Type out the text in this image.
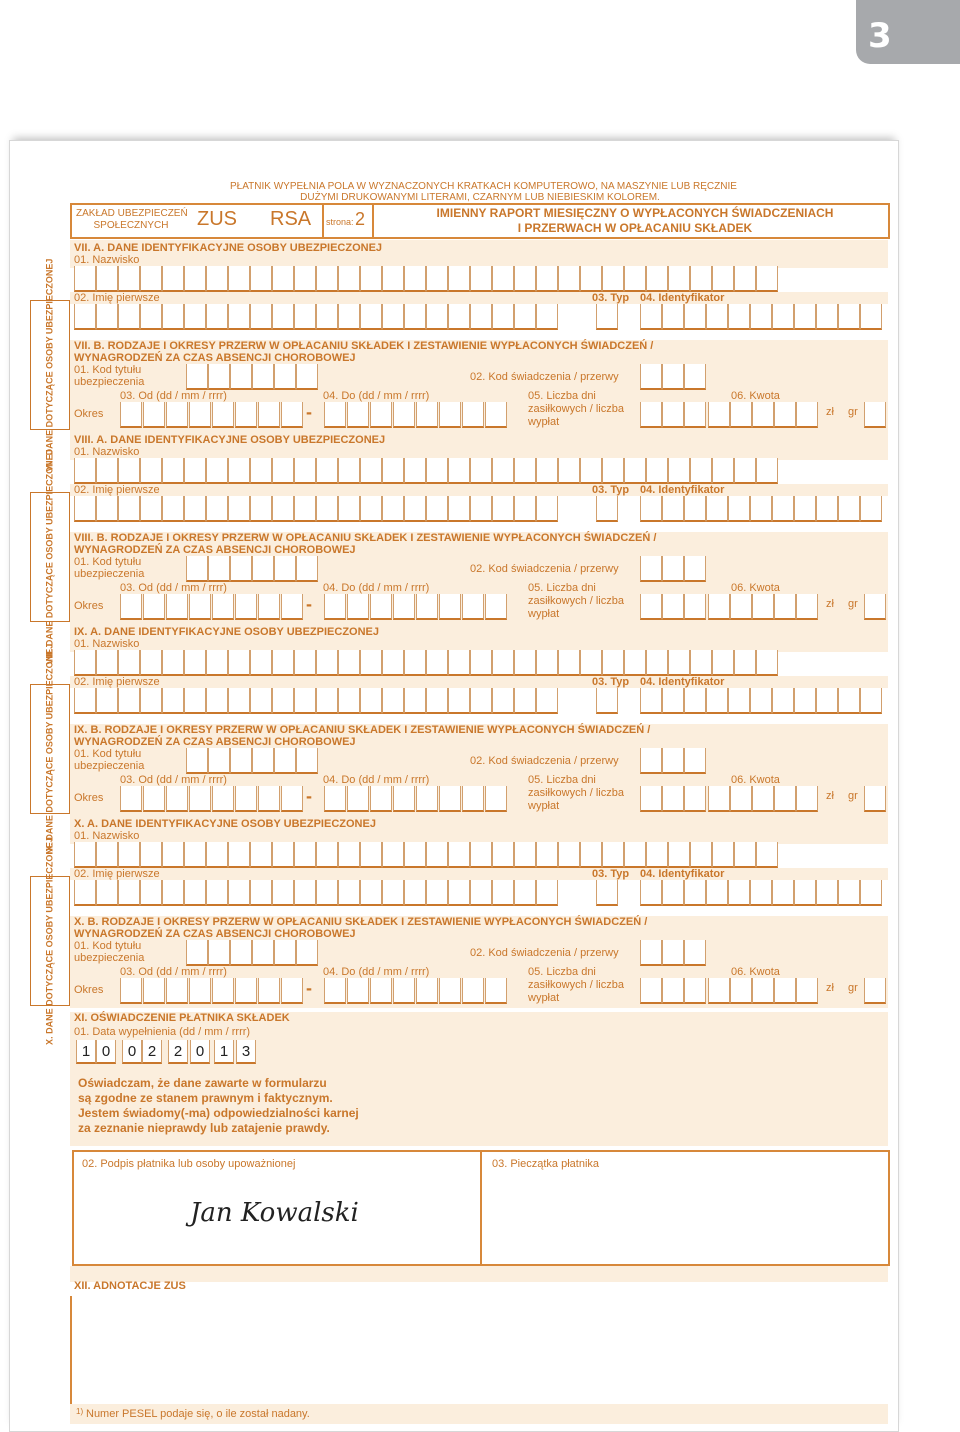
3
PŁATNIK WYPEŁNIA POLA W WYZNACZONYCH KRATKACH KOMPUTEROWO, NA MASZYNIE LUB RĘCZNIE
DUŻYMI DRUKOWANYMI LITERAMI, CZARNYM LUB NIEBIESKIM KOLOREM.
ZAKŁAD UBEZPIECZEŃ
SPOŁECZNYCH	ZUS RSA strona: 2	IMIENNY RAPORT MIESIĘCZNY O WYPŁACONYCH ŚWIADCZENIACH
I PRZERWACH W OPŁACANIU SKŁADEK
VII. DANE DOTYCZĄCE OSOBY UBEZPIECZONEJ
VII. A. DANE IDENTYFIKACYJNE OSOBY UBEZPIECZONEJ
01. Nazwisko
02. Imię pierwsze	03. Typ 04. Identyfikator
VII. B. RODZAJE I OKRESY PRZERW W OPŁACANIU SKŁADEK I ZESTAWIENIE WYPŁACONYCH ŚWIADCZEŃ /
WYNAGRODZEŃ ZA CZAS ABSENCJI CHOROBOWEJ
01. Kod tytułu
ubezpieczenia	02. Kod świadczenia / przerwy
03. Od (dd / mm / rrrr)	04. Do (dd / mm / rrrr)	05. Liczba dni
zasiłkowych / liczba
wypłat
06. Kwota
Okres	-	zł gr
VIII. DANE DOTYCZĄCE OSOBY UBEZPIECZONEJ
VIII. A. DANE IDENTYFIKACYJNE OSOBY UBEZPIECZONEJ
01. Nazwisko
02. Imię pierwsze	03. Typ 04. Identyfikator
VIII. B. RODZAJE I OKRESY PRZERW W OPŁACANIU SKŁADEK I ZESTAWIENIE WYPŁACONYCH ŚWIADCZEŃ /
WYNAGRODZEŃ ZA CZAS ABSENCJI CHOROBOWEJ
01. Kod tytułu
ubezpieczenia	02. Kod świadczenia / przerwy
03. Od (dd / mm / rrrr)	04. Do (dd / mm / rrrr)	05. Liczba dni
zasiłkowych / liczba
wypłat
06. Kwota
Okres	-	zł gr
IX. DANE DOTYCZĄCE OSOBY UBEZPIECZONEJ
IX. A. DANE IDENTYFIKACYJNE OSOBY UBEZPIECZONEJ
01. Nazwisko
02. Imię pierwsze	03. Typ 04. Identyfikator
IX. B. RODZAJE I OKRESY PRZERW W OPŁACANIU SKŁADEK I ZESTAWIENIE WYPŁACONYCH ŚWIADCZEŃ /
WYNAGRODZEŃ ZA CZAS ABSENCJI CHOROBOWEJ
01. Kod tytułu
ubezpieczenia	02. Kod świadczenia / przerwy
03. Od (dd / mm / rrrr)	04. Do (dd / mm / rrrr)	05. Liczba dni
zasiłkowych / liczba
wypłat
06. Kwota
Okres	-	zł gr
X. DANE DOTYCZĄCE OSOBY UBEZPIECZONEJ
X. A. DANE IDENTYFIKACYJNE OSOBY UBEZPIECZONEJ
01. Nazwisko
02. Imię pierwsze	03. Typ 04. Identyfikator
X. B. RODZAJE I OKRESY PRZERW W OPŁACANIU SKŁADEK I ZESTAWIENIE WYPŁACONYCH ŚWIADCZEŃ /
WYNAGRODZEŃ ZA CZAS ABSENCJI CHOROBOWEJ
01. Kod tytułu
ubezpieczenia	02. Kod świadczenia / przerwy
03. Od (dd / mm / rrrr)	04. Do (dd / mm / rrrr)	05. Liczba dni
zasiłkowych / liczba
wypłat
06. Kwota
Okres	-	zł gr
XI. OŚWIADCZENIE PŁATNIKA SKŁADEK
01. Data wypełnienia (dd / mm / rrrr)
1 0	0 2	2 0	1 3
Oświadczam, że dane zawarte w formularzu
są zgodne ze stanem prawnym i faktycznym.
Jestem świadomy(-ma) odpowiedzialności karnej
za zeznanie nieprawdy lub zatajenie prawdy.
02. Podpis płatnika lub osoby upoważnionej	03. Pieczątka płatnika
Jan Kowalski
XII. ADNOTACJE ZUS
1) Numer PESEL podaje się, o ile został nadany.
